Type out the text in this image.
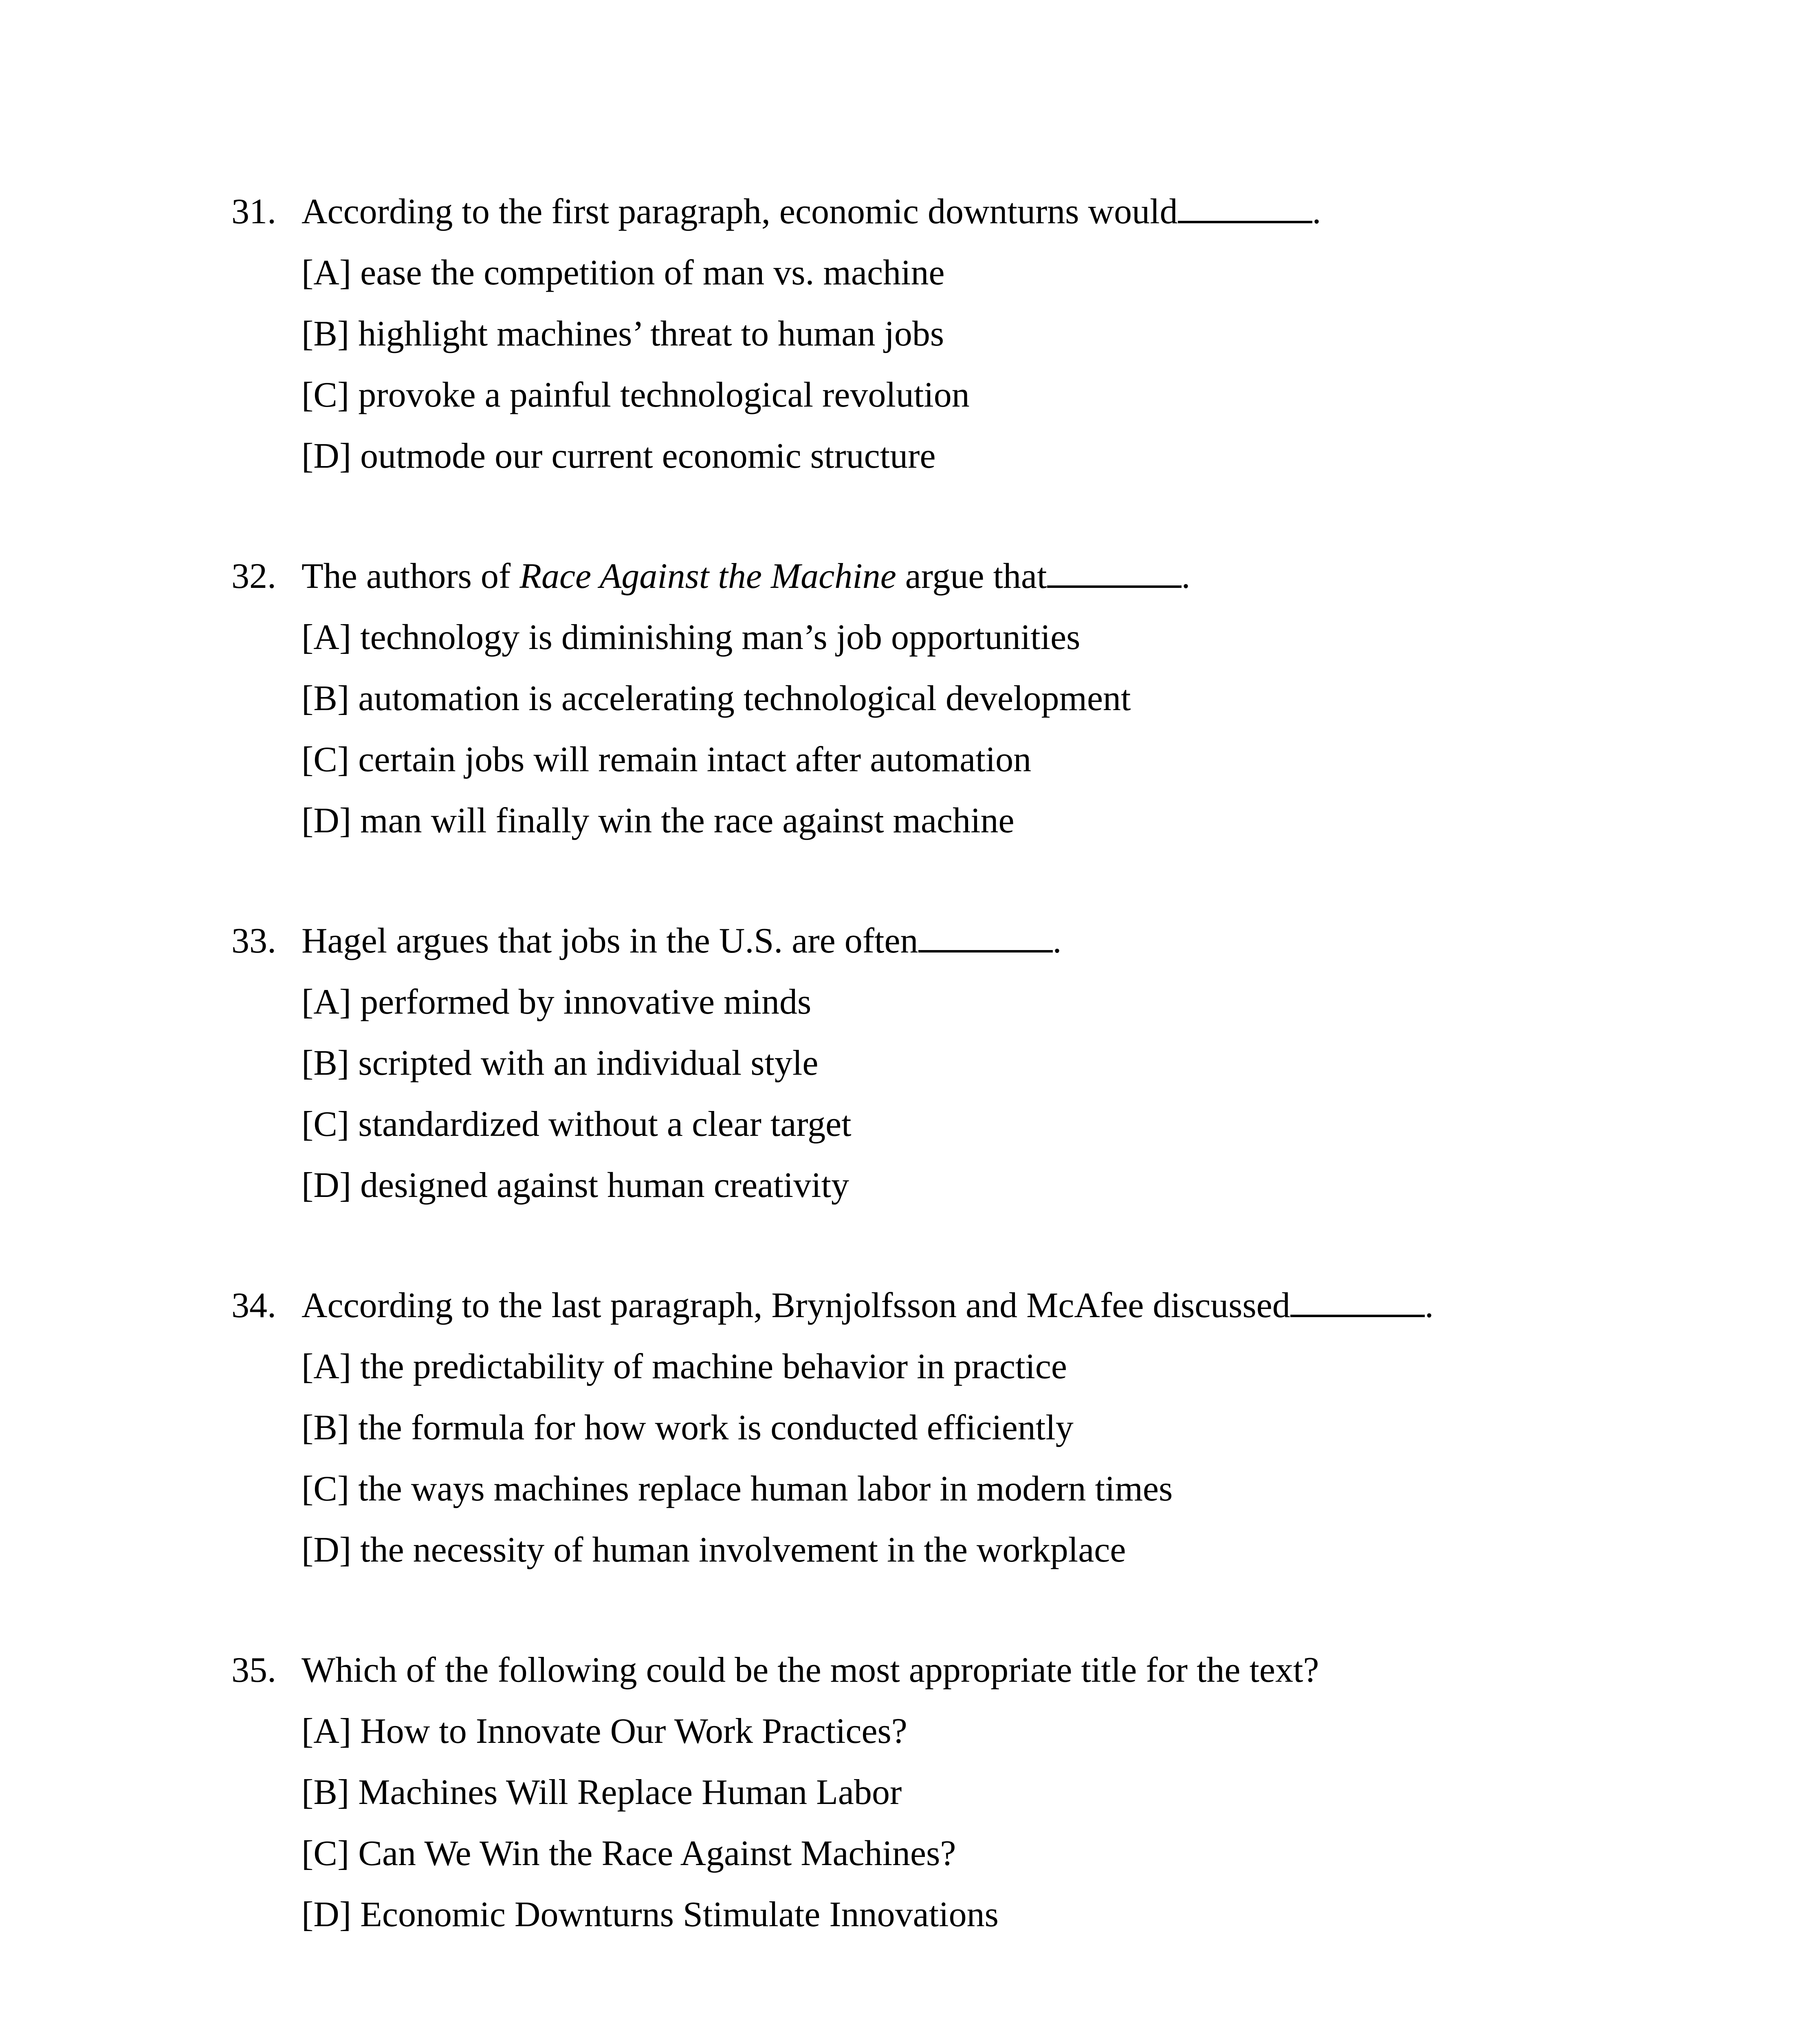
31. According to the first paragraph, economic downturns would	.
[A] ease the competition of man vs. machine
[B] highlight machines’ threat to human jobs
[C] provoke a painful technological revolution
[D] outmode our current economic structure
32. The authors of Race Against the Machine argue that	.
[A] technology is diminishing man’s job opportunities
[B] automation is accelerating technological development
[C] certain jobs will remain intact after automation
[D] man will finally win the race against machine
33. Hagel argues that jobs in the U.S. are often	.
[A] performed by innovative minds
[B] scripted with an individual style
[C] standardized without a clear target
[D] designed against human creativity
34. According to the last paragraph, Brynjolfsson and McAfee discussed	.
[A] the predictability of machine behavior in practice
[B] the formula for how work is conducted efficiently
[C] the ways machines replace human labor in modern times
[D] the necessity of human involvement in the workplace
35. Which of the following could be the most appropriate title for the text?
[A] How to Innovate Our Work Practices?
[B] Machines Will Replace Human Labor
[C] Can We Win the Race Against Machines?
[D] Economic Downturns Stimulate Innovations
